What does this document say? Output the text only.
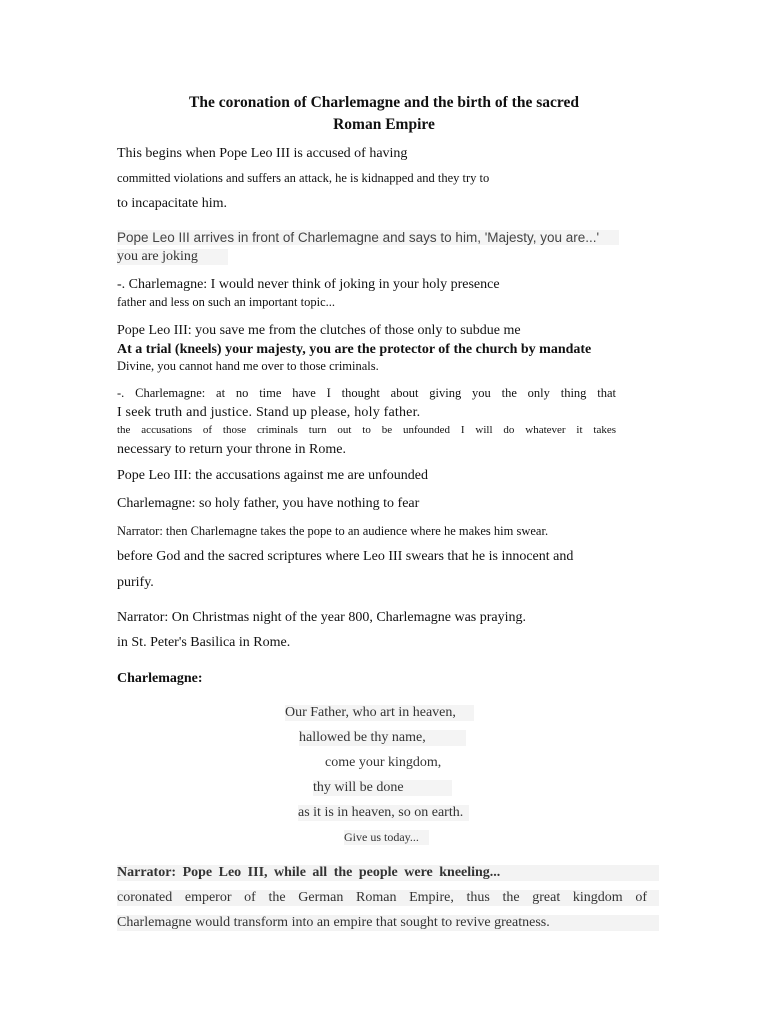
The coronation of Charlemagne and the birth of the sacred
Roman Empire
This begins when Pope Leo III is accused of having
committed violations and suffers an attack, he is kidnapped and they try to
to incapacitate him.
Pope Leo III arrives in front of Charlemagne and says to him, 'Majesty, you are...'
you are joking
-. Charlemagne: I would never think of joking in your holy presence
father and less on such an important topic...
Pope Leo III: you save me from the clutches of those only to subdue me
At a trial (kneels) your majesty, you are the protector of the church by mandate
Divine, you cannot hand me over to those criminals.
-. Charlemagne: at no time have I thought about giving you the only thing that
I seek truth and justice. Stand up please, holy father.
the accusations of those criminals turn out to be unfounded I will do whatever it takes
necessary to return your throne in Rome.
Pope Leo III: the accusations against me are unfounded
Charlemagne: so holy father, you have nothing to fear
Narrator: then Charlemagne takes the pope to an audience where he makes him swear.
before God and the sacred scriptures where Leo III swears that he is innocent and
purify.
Narrator: On Christmas night of the year 800, Charlemagne was praying.
in St. Peter's Basilica in Rome.
Charlemagne:
Our Father, who art in heaven,
hallowed be thy name,
come your kingdom,
thy will be done
as it is in heaven, so on earth.
Give us today...
Narrator: Pope Leo III, while all the people were kneeling...
coronated emperor of the German Roman Empire, thus the great kingdom of
Charlemagne would transform into an empire that sought to revive greatness.
